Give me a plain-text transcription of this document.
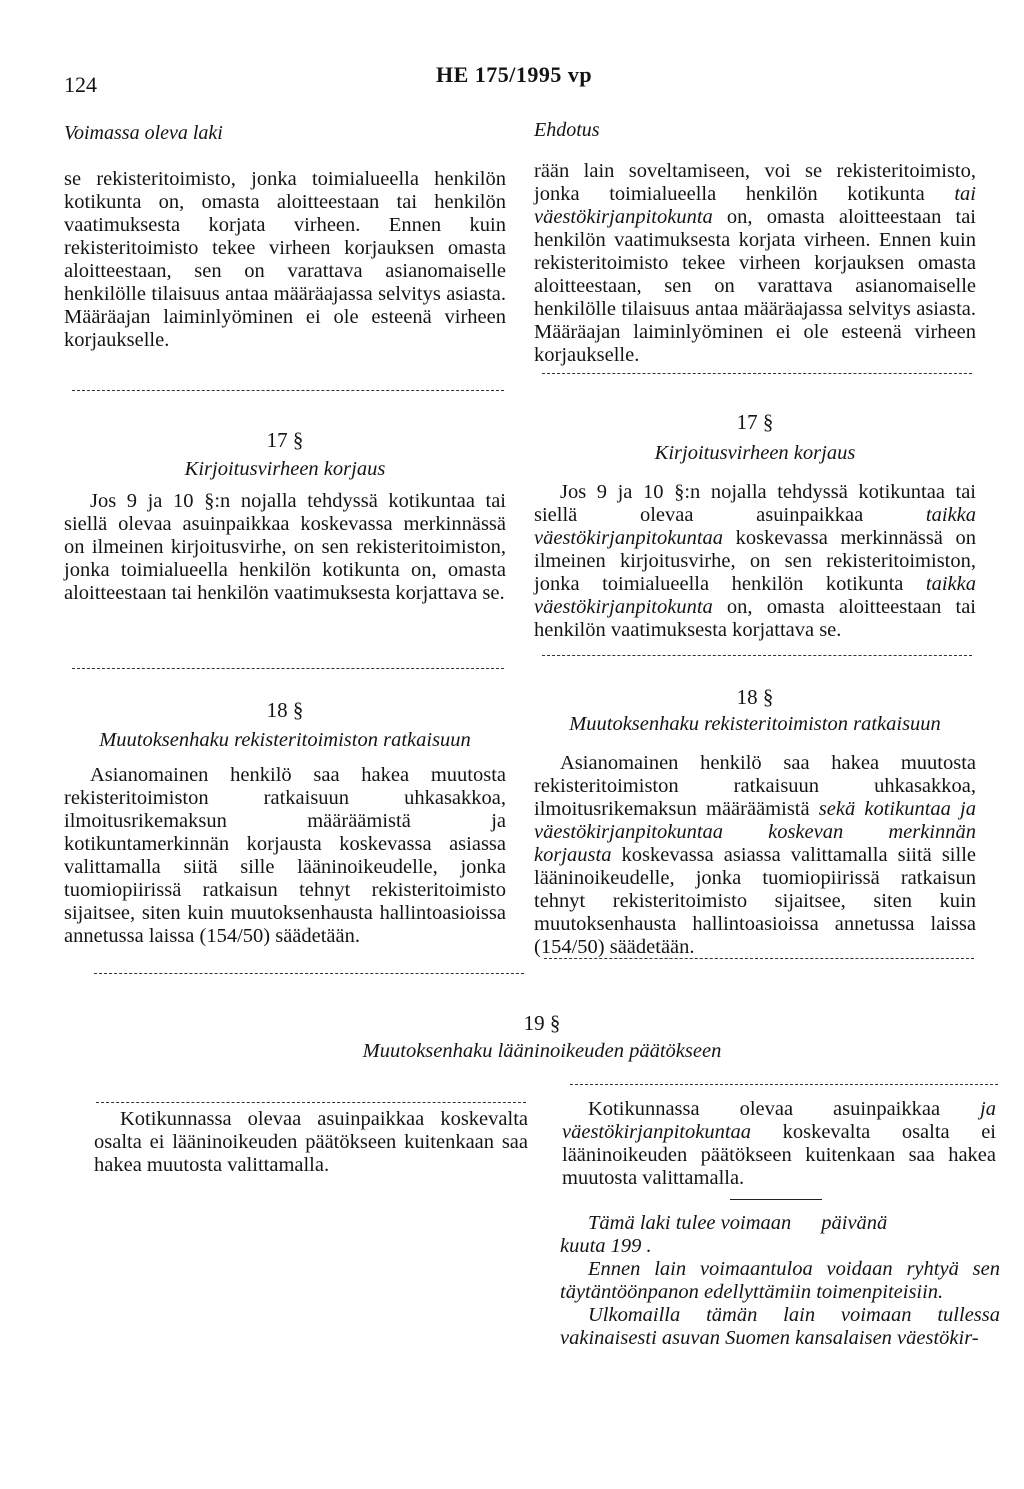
124	HE 175/1995 vp
Voimassa oleva laki	Ehdotus
se rekisteritoimisto, jonka toimialueella henkilön kotikunta on, omasta aloitteestaan tai henkilön vaatimuksesta korjata virheen. Ennen kuin rekisteritoimisto tekee virheen korjauksen omasta aloitteestaan, sen on varattava asianomaiselle henkilölle tilaisuus antaa määräajassa selvitys asiasta. Määräajan laiminlyöminen ei ole esteenä virheen korjaukselle.
rään lain soveltamiseen, voi se rekisteritoimisto, jonka toimialueella henkilön kotikunta tai väestökirjanpitokunta on, omasta aloitteestaan tai henkilön vaatimuksesta korjata virheen. Ennen kuin rekisteritoimisto tekee virheen korjauksen omasta aloitteestaan, sen on varattava asianomaiselle henkilölle tilaisuus antaa määräajassa selvitys asiasta. Määräajan laiminlyöminen ei ole esteenä virheen korjaukselle.
17 §
Kirjoitusvirheen korjaus
Jos 9 ja 10 §:n nojalla tehdyssä kotikuntaa tai siellä olevaa asuinpaikkaa koskevassa merkinnässä on ilmeinen kirjoitusvirhe, on sen rekisteritoimiston, jonka toimialueella henkilön kotikunta on, omasta aloitteestaan tai henkilön vaatimuksesta korjattava se.
17 §
Kirjoitusvirheen korjaus
Jos 9 ja 10 §:n nojalla tehdyssä kotikuntaa tai siellä olevaa asuinpaikkaa taikka väestökirjanpitokuntaa koskevassa merkinnässä on ilmeinen kirjoitusvirhe, on sen rekisteritoimiston, jonka toimialueella henkilön kotikunta taikka väestökirjanpitokunta on, omasta aloitteestaan tai henkilön vaatimuksesta korjattava se.
18 §
Muutoksenhaku rekisteritoimiston ratkaisuun
Asianomainen henkilö saa hakea muutosta rekisteritoimiston ratkaisuun uhkasakkoa, ilmoitusrikemaksun määräämistä ja kotikuntamerkinnän korjausta koskevassa asiassa valittamalla siitä sille lääninoikeudelle, jonka tuomiopiirissä ratkaisun tehnyt rekisteritoimisto sijaitsee, siten kuin muutoksenhausta hallintoasioissa annetussa laissa (154/50) säädetään.
18 §
Muutoksenhaku rekisteritoimiston ratkaisuun
Asianomainen henkilö saa hakea muutosta rekisteritoimiston ratkaisuun uhkasakkoa, ilmoitusrikemaksun määräämistä sekä kotikuntaa ja väestökirjanpitokuntaa koskevan merkinnän korjausta koskevassa asiassa valittamalla siitä sille lääninoikeudelle, jonka tuomiopiirissä ratkaisun tehnyt rekisteritoimisto sijaitsee, siten kuin muutoksenhausta hallintoasioissa annetussa laissa (154/50) säädetään.
19 §
Muutoksenhaku lääninoikeuden päätökseen
Kotikunnassa olevaa asuinpaikkaa koskevalta osalta ei lääninoikeuden päätökseen kuitenkaan saa hakea muutosta valittamalla.
Kotikunnassa olevaa asuinpaikkaa ja väestökirjanpitokuntaa koskevalta osalta ei lääninoikeuden päätökseen kuitenkaan saa hakea muutosta valittamalla.
Tämä laki tulee voimaan päivänä
kuuta 199 .
Ennen lain voimaantuloa voidaan ryhtyä sen täytäntöönpanon edellyttämiin toimenpiteisiin.
Ulkomailla tämän lain voimaan tullessa vakinaisesti asuvan Suomen kansalaisen väestökir-
